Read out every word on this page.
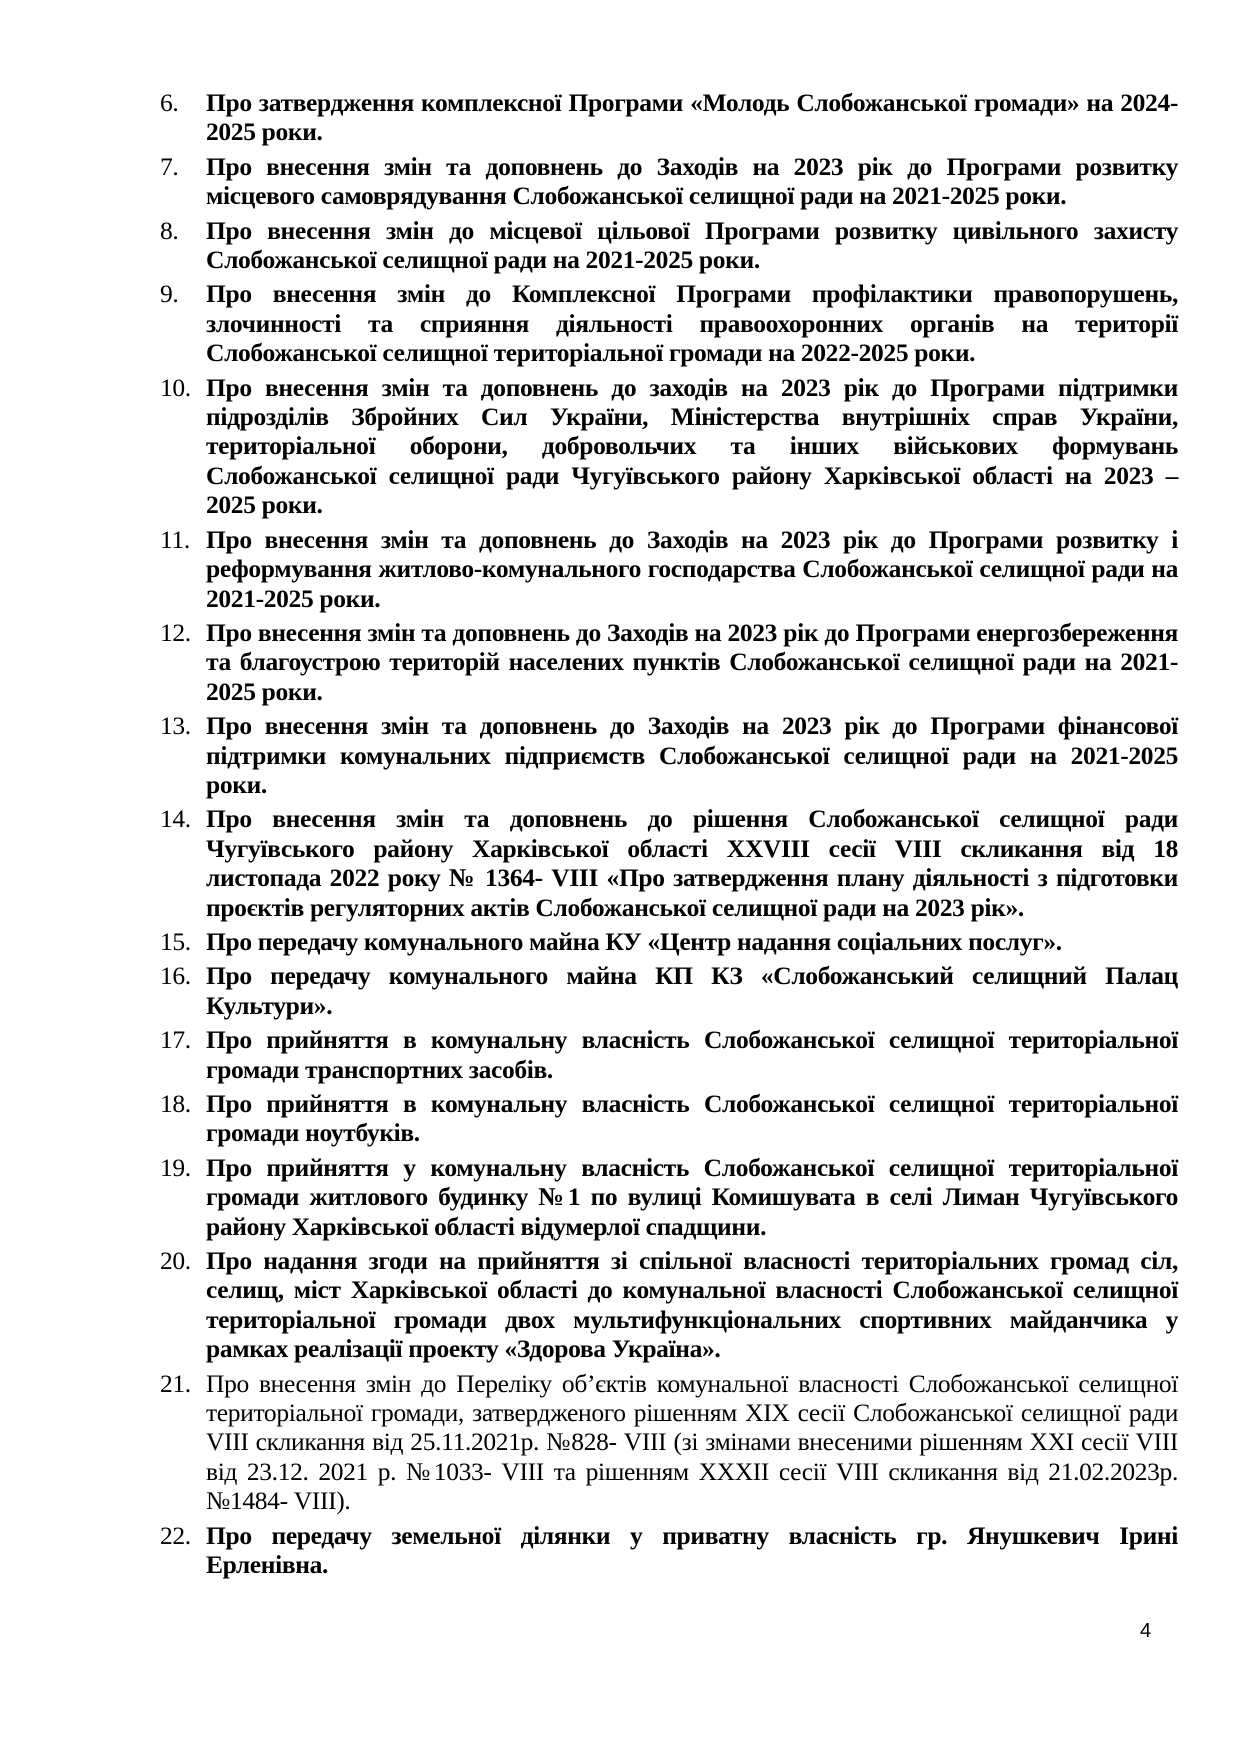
6. Про затвердження комплексної Програми «Молодь Слобожанської громади» на 2024-2025 роки.
7. Про внесення змін та доповнень до Заходів на 2023 рік до Програми розвитку місцевого самоврядування Слобожанської селищної ради на 2021-2025 роки.
8. Про внесення змін до місцевої цільової Програми розвитку цивільного захисту Слобожанської селищної ради на 2021-2025 роки.
9. Про внесення змін до Комплексної Програми профілактики правопорушень, злочинності та сприяння діяльності правоохоронних органів на території Слобожанської селищної територіальної громади на 2022-2025 роки.
10. Про внесення змін та доповнень до заходів на 2023 рік до Програми підтримки підрозділів Збройних Сил України, Міністерства внутрішніх справ України, територіальної оборони, добровольчих та інших військових формувань Слобожанської селищної ради Чугуївського району Харківської області на 2023 – 2025 роки.
11. Про внесення змін та доповнень до Заходів на 2023 рік до Програми розвитку і реформування житлово-комунального господарства Слобожанської селищної ради на 2021-2025 роки.
12. Про внесення змін та доповнень до Заходів на 2023 рік до Програми енергозбереження та благоустрою територій населених пунктів Слобожанської селищної ради на 2021-2025 роки.
13. Про внесення змін та доповнень до Заходів на 2023 рік до Програми фінансової підтримки комунальних підприємств Слобожанської селищної ради на 2021-2025 роки.
14. Про внесення змін та доповнень до рішення Слобожанської селищної ради Чугуївського району Харківської області XXVIII сесії VIII скликання від 18 листопада 2022 року № 1364- VIII «Про затвердження плану діяльності з підготовки проєктів регуляторних актів Слобожанської селищної ради на 2023 рік».
15. Про передачу комунального майна КУ «Центр надання соціальних послуг».
16. Про передачу комунального майна КП КЗ «Слобожанський селищний Палац Культури».
17. Про прийняття в комунальну власність Слобожанської селищної територіальної громади транспортних засобів.
18. Про прийняття в комунальну власність Слобожанської селищної територіальної громади ноутбуків.
19. Про прийняття у комунальну власність Слобожанської селищної територіальної громади житлового будинку №1 по вулиці Комишувата в селі Лиман Чугуївського району Харківської області відумерлої спадщини.
20. Про надання згоди на прийняття зі спільної власності територіальних громад сіл, селищ, міст Харківської області до комунальної власності Слобожанської селищної територіальної громади двох мультифункціональних спортивних майданчика у рамках реалізації проекту «Здорова Україна».
21. Про внесення змін до Переліку об’єктів комунальної власності Слобожанської селищної територіальної громади, затвердженого рішенням XIX сесії Слобожанської селищної ради VIII скликання від 25.11.2021р. №828- VIII (зі змінами внесеними рішенням XXI сесії VIII від 23.12. 2021 р. №1033- VIII та рішенням XXXII сесії VIII скликання від 21.02.2023р. №1484- VIII).
22. Про передачу земельної ділянки у приватну власність гр. Янушкевич Ірині Ерленівна.
4
